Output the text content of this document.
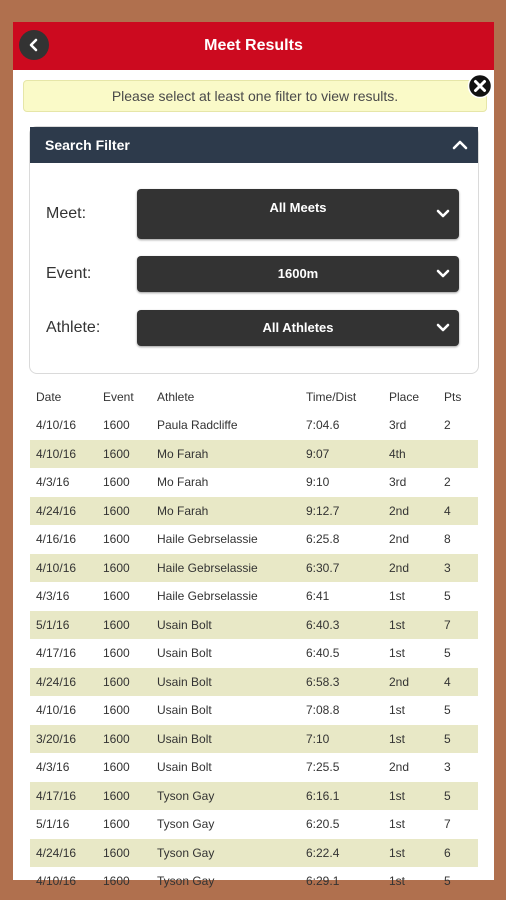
Meet Results
Please select at least one filter to view results.
Search Filter
Meet:	All Meets
Event:	1600m
Athlete:	All Athletes
Date	Event	Athlete	Time/Dist	Place	Pts
4/10/16	1600	Paula Radcliffe	7:04.6	3rd	2
4/10/16	1600	Mo Farah	9:07	4th
4/3/16	1600	Mo Farah	9:10	3rd	2
4/24/16	1600	Mo Farah	9:12.7	2nd	4
4/16/16	1600	Haile Gebrselassie	6:25.8	2nd	8
4/10/16	1600	Haile Gebrselassie	6:30.7	2nd	3
4/3/16	1600	Haile Gebrselassie	6:41	1st	5
5/1/16	1600	Usain Bolt	6:40.3	1st	7
4/17/16	1600	Usain Bolt	6:40.5	1st	5
4/24/16	1600	Usain Bolt	6:58.3	2nd	4
4/10/16	1600	Usain Bolt	7:08.8	1st	5
3/20/16	1600	Usain Bolt	7:10	1st	5
4/3/16	1600	Usain Bolt	7:25.5	2nd	3
4/17/16	1600	Tyson Gay	6:16.1	1st	5
5/1/16	1600	Tyson Gay	6:20.5	1st	7
4/24/16	1600	Tyson Gay	6:22.4	1st	6
4/10/16	1600	Tyson Gay	6:29.1	1st	5
